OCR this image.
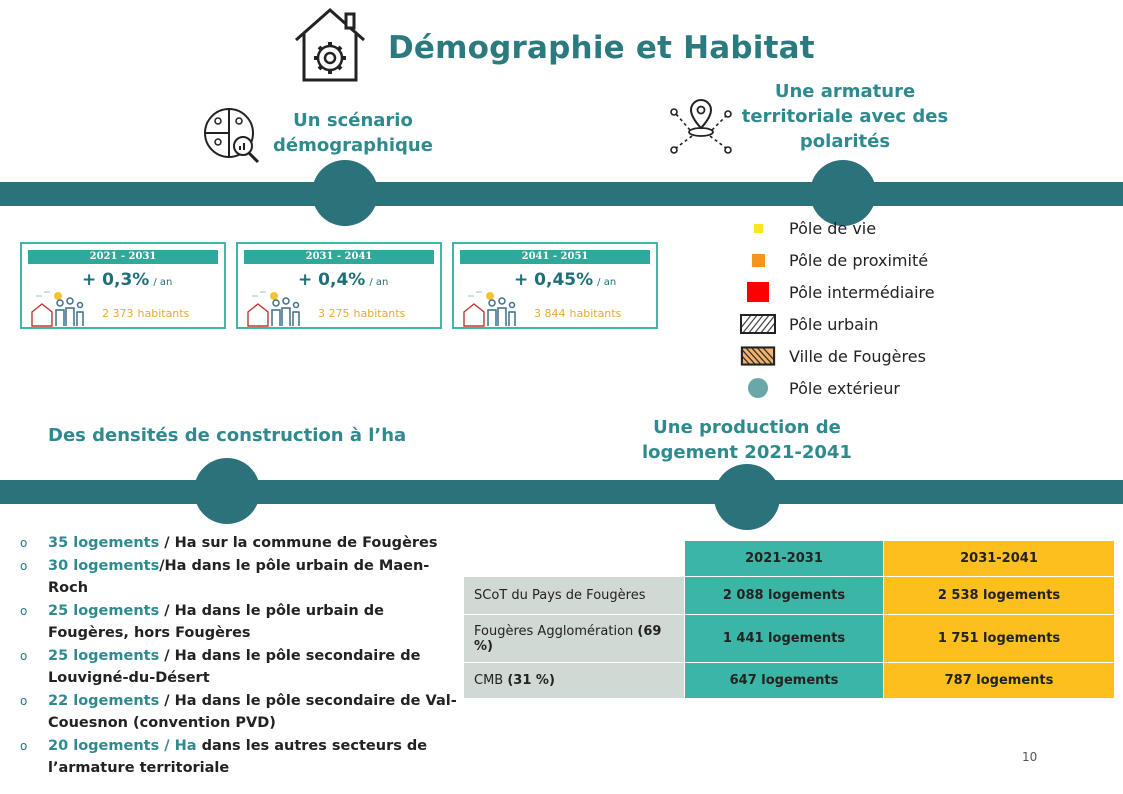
Démographie et Habitat
Un scénario
démographique
Une armature
territoriale avec des
polarités
2021 - 2031
+ 0,3% / an
2 373 habitants
2031 - 2041
+ 0,4% / an
3 275 habitants
2041 - 2051
+ 0,45% / an
3 844 habitants
Pôle de vie
Pôle de proximité
Pôle intermédiaire
Pôle urbain
Ville de Fougères
Pôle extérieur
Des densités de construction à l’ha	Une production de
logement 2021-2041
o 35 logements / Ha sur la commune de Fougères
o 30 logements/Ha dans le pôle urbain de Maen-Roch
o 25 logements / Ha dans le pôle urbain de Fougères, hors Fougères
o 25 logements / Ha dans le pôle secondaire de Louvigné-du-Désert
o 22 logements / Ha dans le pôle secondaire de Val-Couesnon (convention PVD)
o 20 logements / Ha dans les autres secteurs de l’armature territoriale
	2021-2031	2031-2041
SCoT du Pays de Fougères	2 088 logements	2 538 logements
Fougères Agglomération (69 %)	1 441 logements	1 751 logements
CMB (31 %)	647 logements	787 logements
10
